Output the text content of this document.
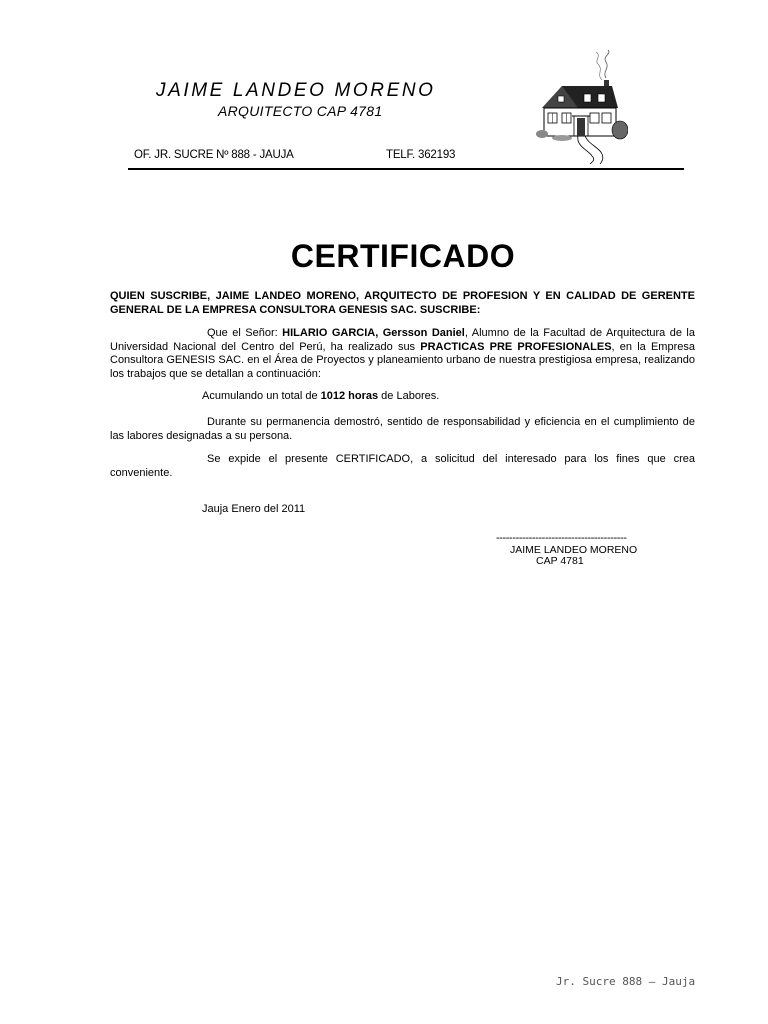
JAIME LANDEO MORENO
ARQUITECTO CAP 4781
OF. JR. SUCRE Nº 888 - JAUJA	TELF. 362193
CERTIFICADO
QUIEN SUSCRIBE, JAIME LANDEO MORENO, ARQUITECTO DE PROFESION Y EN CALIDAD DE GERENTE GENERAL DE LA EMPRESA CONSULTORA GENESIS SAC. SUSCRIBE:
Que el Señor: HILARIO GARCIA, Gersson Daniel, Alumno de la Facultad de Arquitectura de la Universidad Nacional del Centro del Perú, ha realizado sus PRACTICAS PRE PROFESIONALES, en la Empresa Consultora GENESIS SAC. en el Área de Proyectos y planeamiento urbano de nuestra prestigiosa empresa, realizando los trabajos que se detallan a continuación:
Acumulando un total de 1012 horas de Labores.
Durante su permanencia demostró, sentido de responsabilidad y eficiencia en el cumplimiento de las labores designadas a su persona.
Se expide el presente CERTIFICADO, a solicitud del interesado para los fines que crea conveniente.
Jauja Enero del 2011
----------------------------------------
JAIME LANDEO MORENO
CAP 4781
Jr. Sucre 888 – Jauja
